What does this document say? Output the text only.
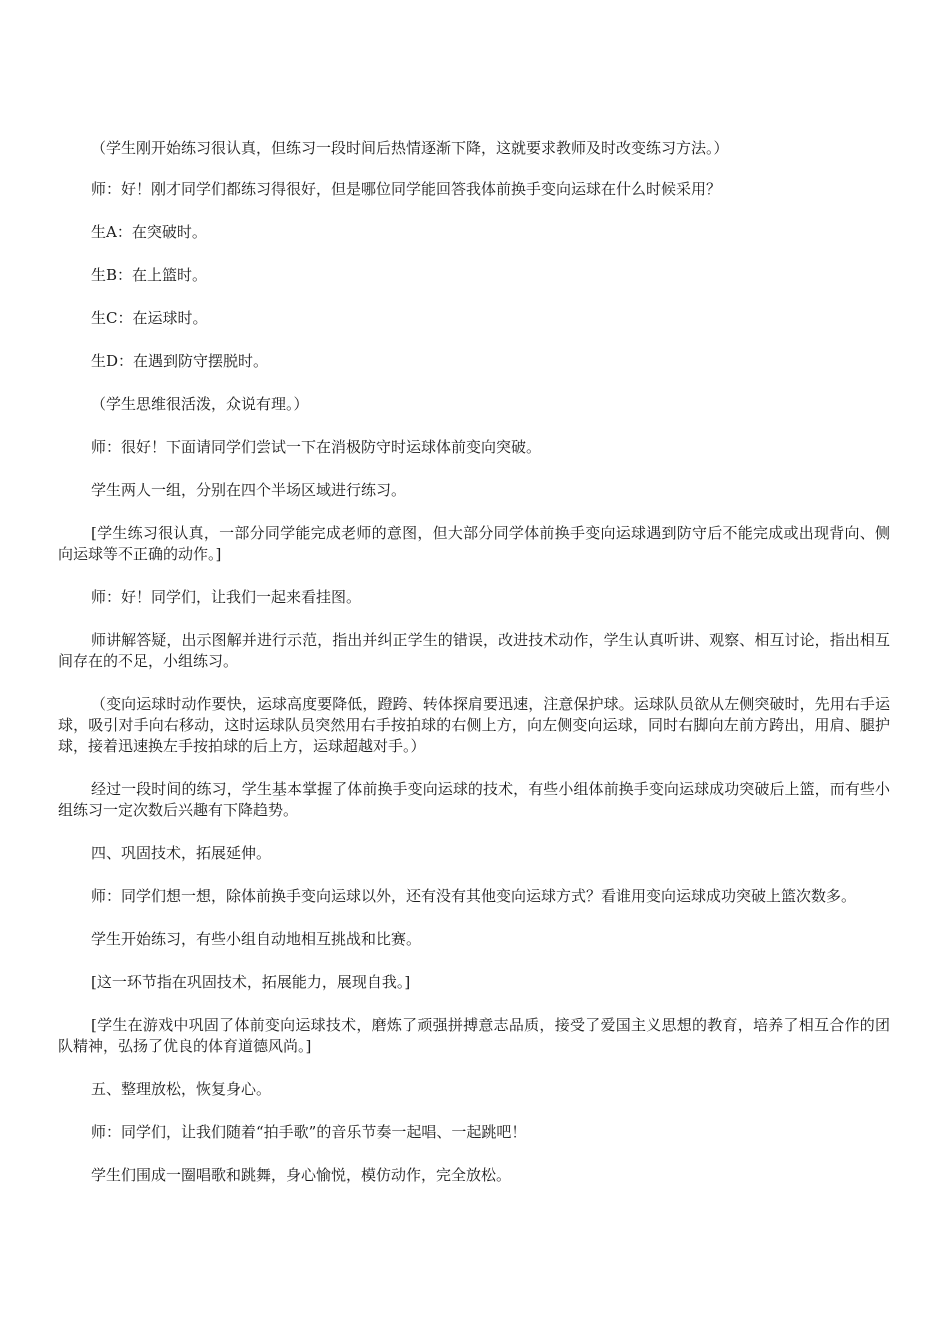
（学生刚开始练习很认真，但练习一段时间后热情逐渐下降，这就要求教师及时改变练习方法。）

师：好！刚才同学们都练习得很好，但是哪位同学能回答我体前换手变向运球在什么时候采用？

生A：在突破时。

生B：在上篮时。

生C：在运球时。

生D：在遇到防守摆脱时。

（学生思维很活泼，众说有理。）

师：很好！下面请同学们尝试一下在消极防守时运球体前变向突破。

学生两人一组，分别在四个半场区域进行练习。

[学生练习很认真，一部分同学能完成老师的意图，但大部分同学体前换手变向运球遇到防守后不能完成或出现背向、侧向运球等不正确的动作。]

师：好！同学们，让我们一起来看挂图。

师讲解答疑，出示图解并进行示范，指出并纠正学生的错误，改进技术动作，学生认真听讲、观察、相互讨论，指出相互间存在的不足，小组练习。

（变向运球时动作要快，运球高度要降低，蹬跨、转体探肩要迅速，注意保护球。运球队员欲从左侧突破时，先用右手运球，吸引对手向右移动，这时运球队员突然用右手按拍球的右侧上方，向左侧变向运球，同时右脚向左前方跨出，用肩、腿护球，接着迅速换左手按拍球的后上方，运球超越对手。）

经过一段时间的练习，学生基本掌握了体前换手变向运球的技术，有些小组体前换手变向运球成功突破后上篮，而有些小组练习一定次数后兴趣有下降趋势。

四、巩固技术，拓展延伸。

师：同学们想一想，除体前换手变向运球以外，还有没有其他变向运球方式？看谁用变向运球成功突破上篮次数多。

学生开始练习，有些小组自动地相互挑战和比赛。

[这一环节指在巩固技术，拓展能力，展现自我。]

[学生在游戏中巩固了体前变向运球技术，磨炼了顽强拼搏意志品质，接受了爱国主义思想的教育，培养了相互合作的团队精神，弘扬了优良的体育道德风尚。]

五、整理放松，恢复身心。

师：同学们，让我们随着“拍手歌”的音乐节奏一起唱、一起跳吧！

学生们围成一圈唱歌和跳舞，身心愉悦，模仿动作，完全放松。
